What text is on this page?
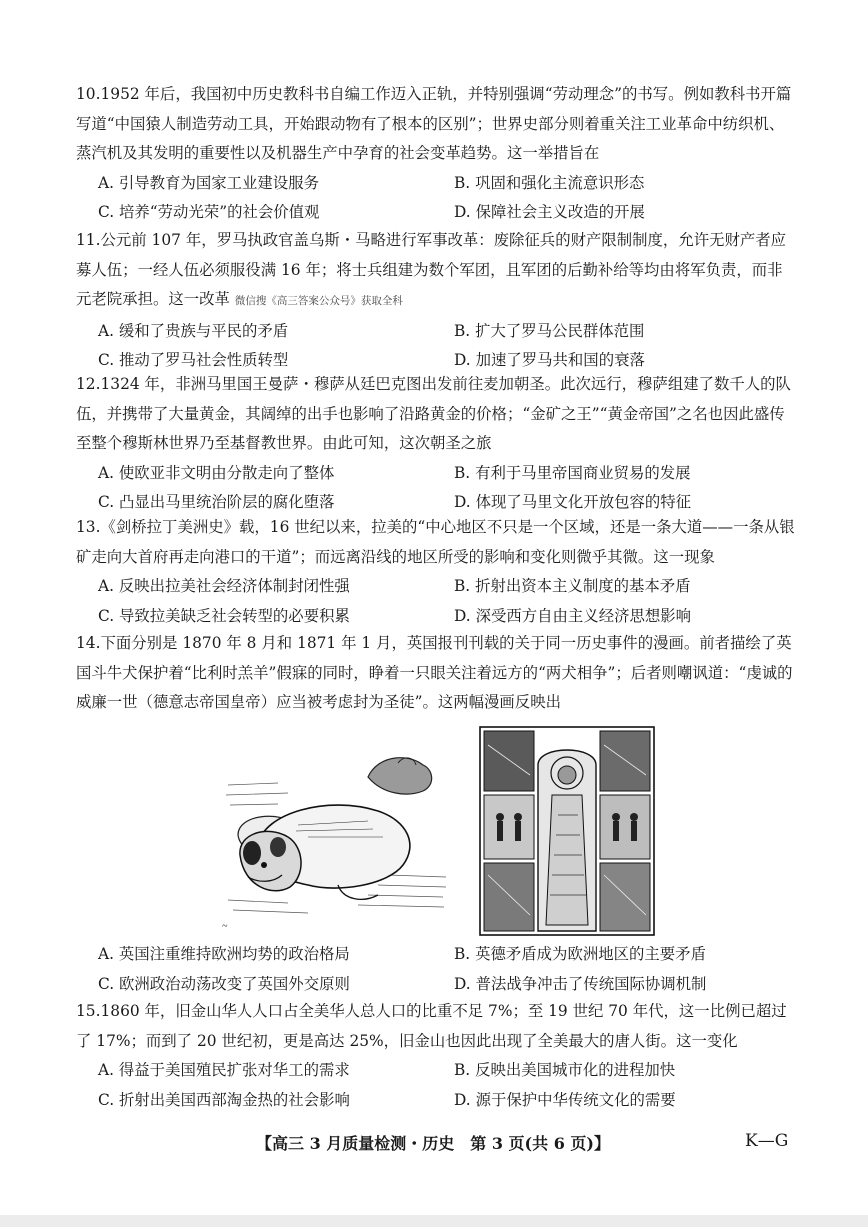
10.1952 年后，我国初中历史教科书自编工作迈入正轨，并特别强调“劳动理念”的书写。例如教科书开篇写道“中国猿人制造劳动工具，开始跟动物有了根本的区别”；世界史部分则着重关注工业革命中纺织机、蒸汽机及其发明的重要性以及机器生产中孕育的社会变革趋势。这一举措旨在

A. 引导教育为国家工业建设服务	B. 巩固和强化主流意识形态
C. 培养“劳动光荣”的社会价值观	D. 保障社会主义改造的开展

11.公元前 107 年，罗马执政官盖乌斯・马略进行军事改革：废除征兵的财产限制制度，允许无财产者应募人伍；一经人伍必须服役满 16 年；将士兵组建为数个军团，且军团的后勤补给等均由将军负责，而非元老院承担。这一改革 微信搜《高三答案公众号》获取全科

A. 缓和了贵族与平民的矛盾	B. 扩大了罗马公民群体范围
C. 推动了罗马社会性质转型	D. 加速了罗马共和国的衰落

12.1324 年，非洲马里国王曼萨・穆萨从廷巴克图出发前往麦加朝圣。此次远行，穆萨组建了数千人的队伍，并携带了大量黄金，其阔绰的出手也影响了沿路黄金的价格；“金矿之王”“黄金帝国”之名也因此盛传至整个穆斯林世界乃至基督教世界。由此可知，这次朝圣之旅

A. 使欧亚非文明由分散走向了整体	B. 有利于马里帝国商业贸易的发展
C. 凸显出马里统治阶层的腐化堕落	D. 体现了马里文化开放包容的特征

13.《剑桥拉丁美洲史》载，16 世纪以来，拉美的“中心地区不只是一个区域，还是一条大道——一条从银矿走向大首府再走向港口的干道”；而远离沿线的地区所受的影响和变化则微乎其微。这一现象

A. 反映出拉美社会经济体制封闭性强	B. 折射出资本主义制度的基本矛盾
C. 导致拉美缺乏社会转型的必要积累	D. 深受西方自由主义经济思想影响

14.下面分别是 1870 年 8 月和 1871 年 1 月，英国报刊刊载的关于同一历史事件的漫画。前者描绘了英国斗牛犬保护着“比利时羔羊”假寐的同时，睁着一只眼关注着远方的“两犬相争”；后者则嘲讽道：“虔诚的威廉一世（德意志帝国皇帝）应当被考虑封为圣徒”。这两幅漫画反映出

~
A. 英国注重维持欧洲均势的政治格局	B. 英德矛盾成为欧洲地区的主要矛盾
C. 欧洲政治动荡改变了英国外交原则	D. 普法战争冲击了传统国际协调机制

15.1860 年，旧金山华人人口占全美华人总人口的比重不足 7%；至 19 世纪 70 年代，这一比例已超过了 17%；而到了 20 世纪初，更是高达 25%，旧金山也因此出现了全美最大的唐人街。这一变化

A. 得益于美国殖民扩张对华工的需求	B. 反映出美国城市化的进程加快
C. 折射出美国西部淘金热的社会影响	D. 源于保护中华传统文化的需要
【高三 3 月质量检测・历史　第 3 页(共 6 页)】	K—G
